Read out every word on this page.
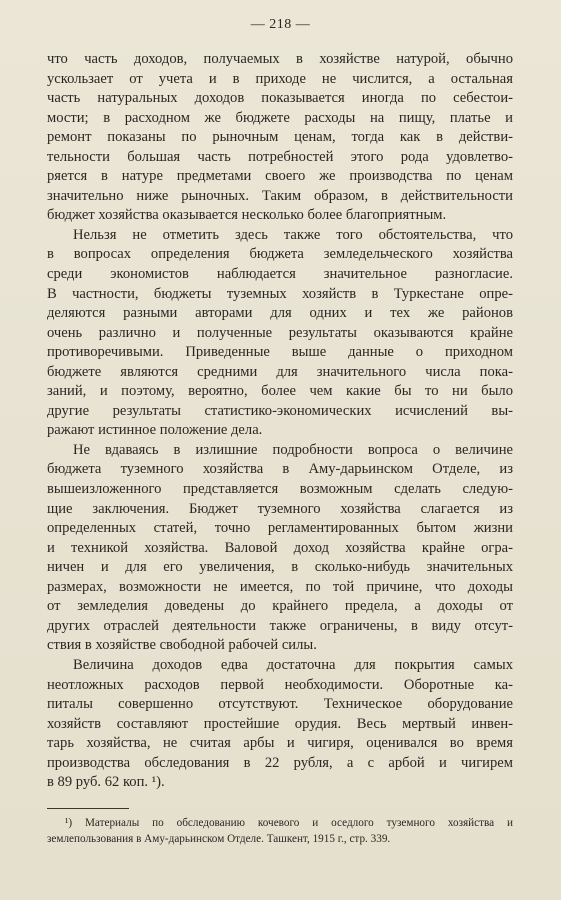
— 218 —
что часть доходов, получаемых в хозяйстве натурой, обычно
ускользает от учета и в приходе не числится, а остальная
часть натуральных доходов показывается иногда по себестои-
мости; в расходном же бюджете расходы на пищу, платье и
ремонт показаны по рыночным ценам, тогда как в действи-
тельности большая часть потребностей этого рода удовлетво-
ряется в натуре предметами своего же производства по ценам
значительно ниже рыночных. Таким образом, в действительности
бюджет хозяйства оказывается несколько более благоприятным.
Нельзя не отметить здесь также того обстоятельства, что
в вопросах определения бюджета земледельческого хозяйства
среди экономистов наблюдается значительное разногласие.
В частности, бюджеты туземных хозяйств в Туркестане опре-
деляются разными авторами для одних и тех же районов
очень различно и полученные результаты оказываются крайне
противоречивыми. Приведенные выше данные о приходном
бюджете являются средними для значительного числа пока-
заний, и поэтому, вероятно, более чем какие бы то ни было
другие результаты статистико-экономических исчислений вы-
ражают истинное положение дела.
Не вдаваясь в излишние подробности вопроса о величине
бюджета туземного хозяйства в Аму-дарьинском Отделе, из
вышеизложенного представляется возможным сделать следую-
щие заключения. Бюджет туземного хозяйства слагается из
определенных статей, точно регламентированных бытом жизни
и техникой хозяйства. Валовой доход хозяйства крайне огра-
ничен и для его увеличения, в сколько-нибудь значительных
размерах, возможности не имеется, по той причине, что доходы
от земледелия доведены до крайнего предела, а доходы от
других отраслей деятельности также ограничены, в виду отсут-
ствия в хозяйстве свободной рабочей силы.
Величина доходов едва достаточна для покрытия самых
неотложных расходов первой необходимости. Оборотные ка-
питалы совершенно отсутствуют. Техническое оборудование
хозяйств составляют простейшие орудия. Весь мертвый инвен-
тарь хозяйства, не считая арбы и чигиря, оценивался во время
производства обследования в 22 рубля, а с арбой и чигирем
в 89 руб. 62 коп. ¹).
¹) Материалы по обследованию кочевого и оседлого туземного хозяйства и
землепользования в Аму-дарьинском Отделе. Ташкент, 1915 г., стр. 339.
